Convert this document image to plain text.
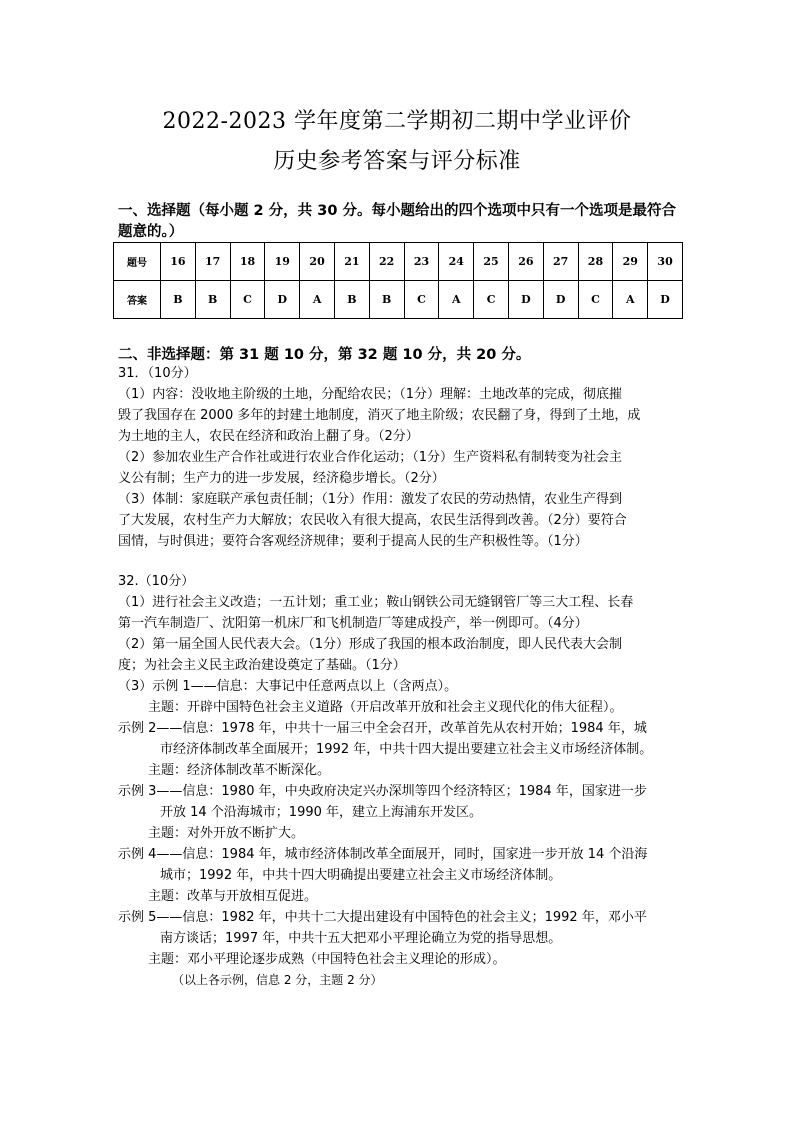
2022-2023 学年度第二学期初二期中学业评价
历史参考答案与评分标准
一、选择题（每小题 2 分，共 30 分。每小题给出的四个选项中只有一个选项是最符合题意的。）
题号	16	17	18	19	20	21	22	23	24	25	26	27	28	29	30
答案	B	B	C	D	A	B	B	C	A	C	D	D	C	A	D
二、非选择题：第 31 题 10 分，第 32 题 10 分，共 20 分。
31．（10分）
（1）内容：没收地主阶级的土地，分配给农民；（1分）理解：土地改革的完成，彻底摧
毁了我国存在 2000 多年的封建土地制度，消灭了地主阶级；农民翻了身，得到了土地，成
为土地的主人，农民在经济和政治上翻了身。（2分）
（2）参加农业生产合作社或进行农业合作化运动；（1分）生产资料私有制转变为社会主
义公有制；生产力的进一步发展，经济稳步增长。（2分）
（3）体制：家庭联产承包责任制；（1分）作用：激发了农民的劳动热情，农业生产得到
了大发展，农村生产力大解放；农民收入有很大提高，农民生活得到改善。（2分）要符合
国情，与时俱进；要符合客观经济规律；要利于提高人民的生产积极性等。（1分）
32.（10分）
（1）进行社会主义改造；一五计划；重工业；鞍山钢铁公司无缝钢管厂等三大工程、长春
第一汽车制造厂、沈阳第一机床厂和飞机制造厂等建成投产，举一例即可。（4分）
（2）第一届全国人民代表大会。（1分）形成了我国的根本政治制度，即人民代表大会制
度；为社会主义民主政治建设奠定了基础。（1分）
（3）示例 1——信息：大事记中任意两点以上（含两点）。
主题：开辟中国特色社会主义道路（开启改革开放和社会主义现代化的伟大征程）。
示例 2——信息：1978 年，中共十一届三中全会召开，改革首先从农村开始；1984 年，城
市经济体制改革全面展开；1992 年，中共十四大提出要建立社会主义市场经济体制。
主题：经济体制改革不断深化。
示例 3——信息：1980 年，中央政府决定兴办深圳等四个经济特区；1984 年，国家进一步
开放 14 个沿海城市；1990 年，建立上海浦东开发区。
主题：对外开放不断扩大。
示例 4——信息：1984 年，城市经济体制改革全面展开，同时，国家进一步开放 14 个沿海
城市；1992 年，中共十四大明确提出要建立社会主义市场经济体制。
主题：改革与开放相互促进。
示例 5——信息：1982 年，中共十二大提出建设有中国特色的社会主义；1992 年，邓小平
南方谈话；1997 年，中共十五大把邓小平理论确立为党的指导思想。
主题：邓小平理论逐步成熟（中国特色社会主义理论的形成）。
（以上各示例，信息 2 分，主题 2 分）
